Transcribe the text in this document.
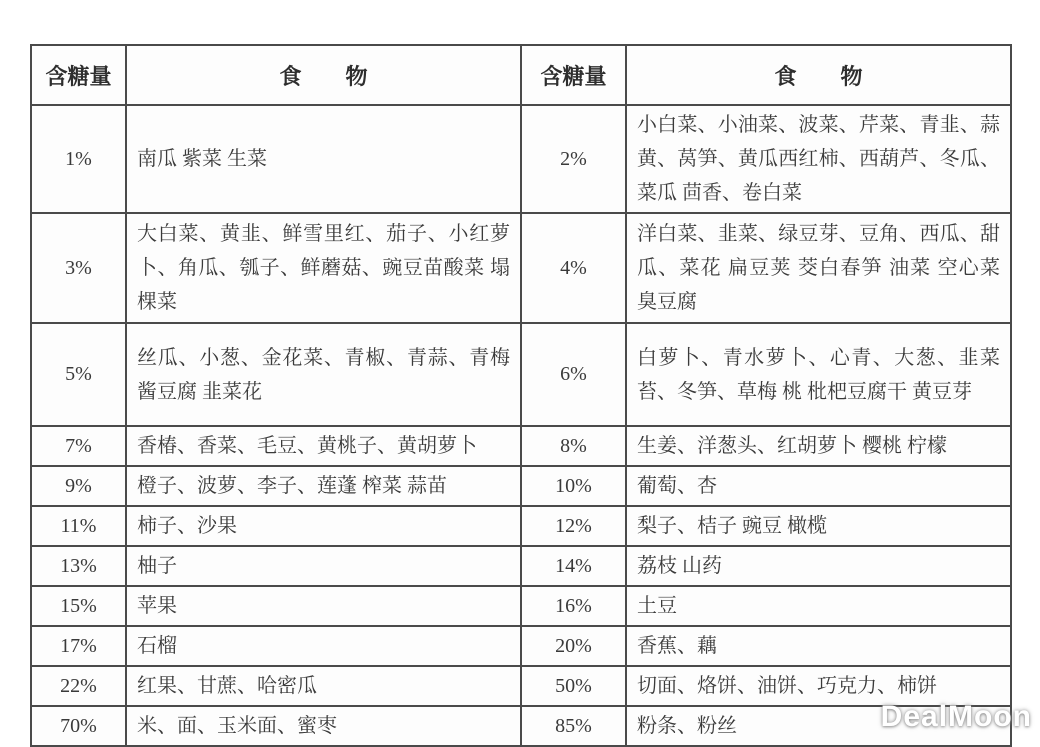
含糖量	食　　物	含糖量	食　　物
1%	南瓜 紫菜 生菜	2%	小白菜、小油菜、波菜、芹菜、青韭、蒜黄、莴笋、黄瓜西红柿、西葫芦、冬瓜、菜瓜 茴香、卷白菜
3%	大白菜、黄韭、鲜雪里红、茄子、小红萝卜、角瓜、瓠子、鲜蘑菇、豌豆苗酸菜 塌棵菜	4%	洋白菜、韭菜、绿豆芽、豆角、西瓜、甜瓜、菜花 扁豆荚 茭白春笋 油菜 空心菜 臭豆腐
5%	丝瓜、小葱、金花菜、青椒、青蒜、青梅 酱豆腐 韭菜花	6%	白萝卜、青水萝卜、心青、大葱、韭菜苔、冬笋、草梅 桃 枇杷豆腐干 黄豆芽
7%	香椿、香菜、毛豆、黄桃子、黄胡萝卜	8%	生姜、洋葱头、红胡萝卜 樱桃 柠檬
9%	橙子、波萝、李子、莲蓬 榨菜 蒜苗	10%	葡萄、杏
11%	柿子、沙果	12%	梨子、桔子 豌豆 橄榄
13%	柚子	14%	荔枝 山药
15%	苹果	16%	土豆
17%	石榴	20%	香蕉、藕
22%	红果、甘蔗、哈密瓜	50%	切面、烙饼、油饼、巧克力、柿饼
70%	米、面、玉米面、蜜枣	85%	粉条、粉丝	DealMoon
